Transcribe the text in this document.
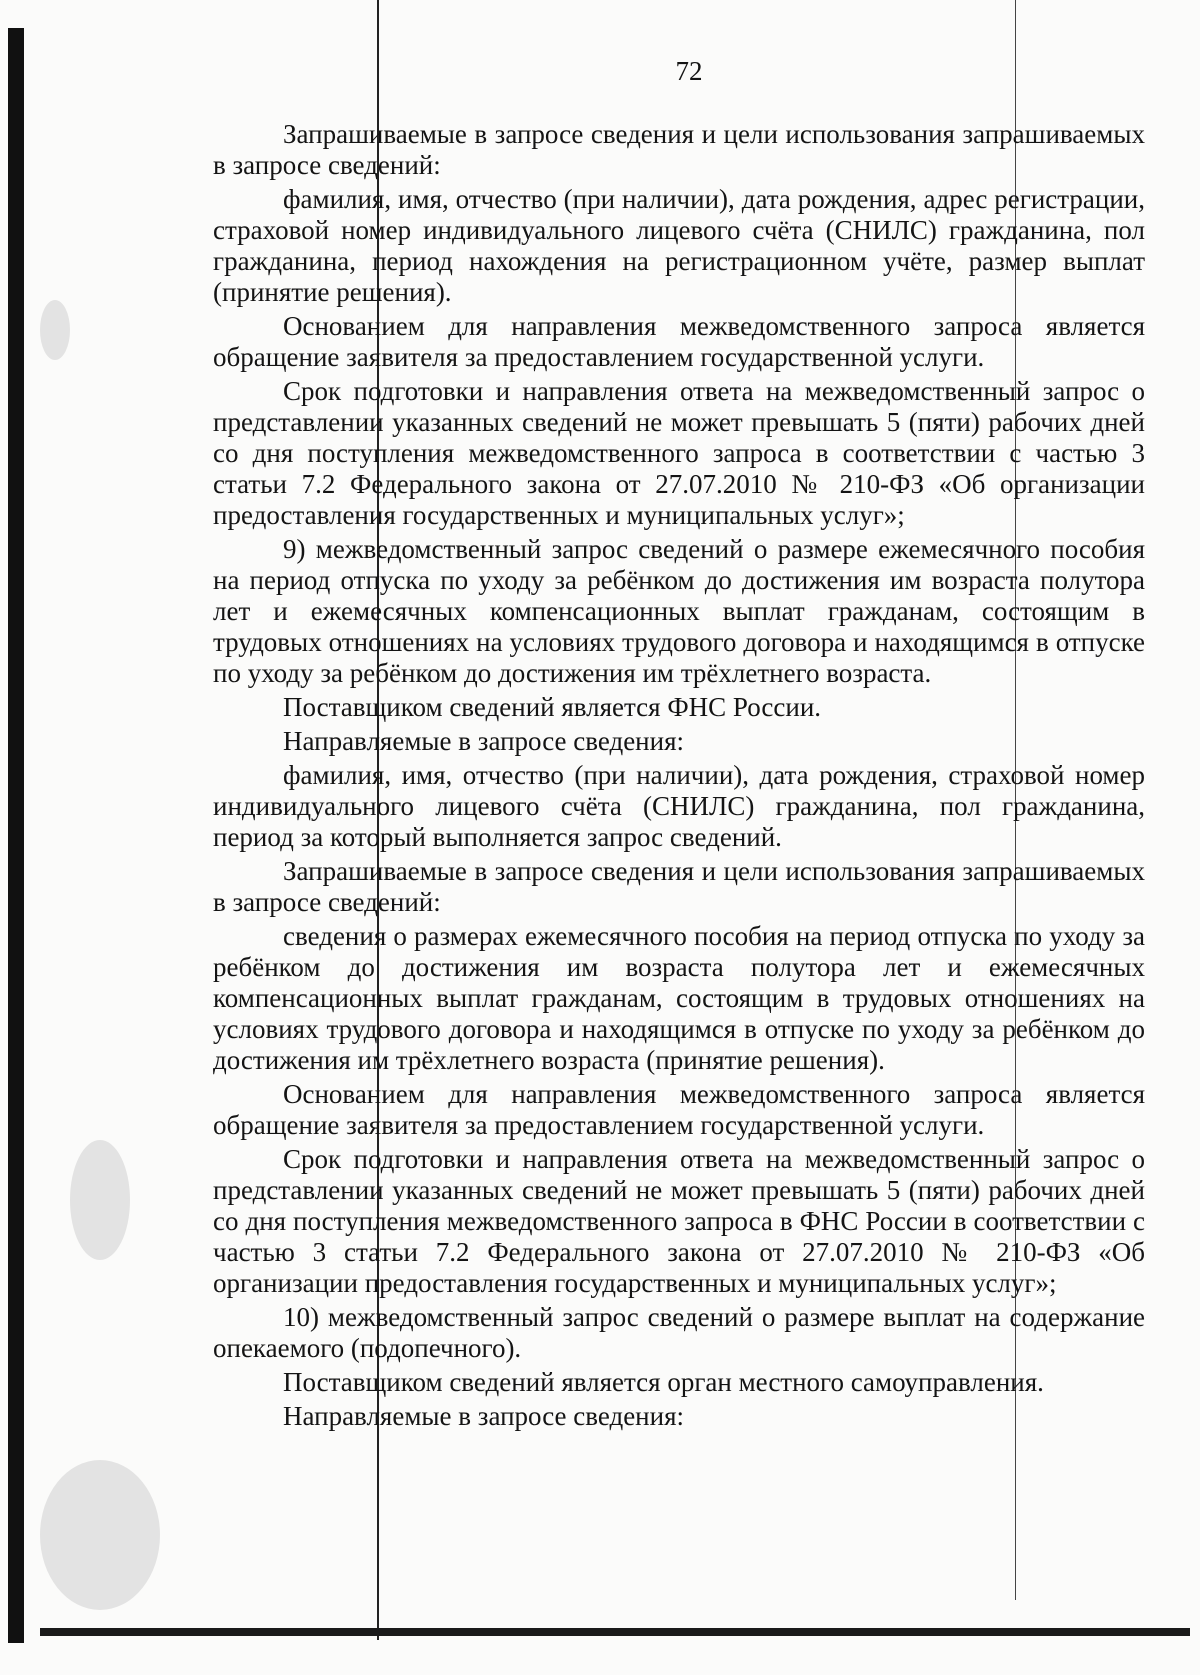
72

Запрашиваемые в запросе сведения и цели использования запрашиваемых в запросе сведений:

фамилия, имя, отчество (при наличии), дата рождения, адрес регистрации, страховой номер индивидуального лицевого счёта (СНИЛС) гражданина, пол гражданина, период нахождения на регистрационном учёте, размер выплат (принятие решения).

Основанием для направления межведомственного запроса является обращение заявителя за предоставлением государственной услуги.

Срок подготовки и направления ответа на межведомственный запрос о представлении указанных сведений не может превышать 5 (пяти) рабочих дней со дня поступления межведомственного запроса в соответствии с частью 3 статьи 7.2 Федерального закона от 27.07.2010 № 210-ФЗ «Об организации предоставления государственных и муниципальных услуг»;

9) межведомственный запрос сведений о размере ежемесячного пособия на период отпуска по уходу за ребёнком до достижения им возраста полутора лет и ежемесячных компенсационных выплат гражданам, состоящим в трудовых отношениях на условиях трудового договора и находящимся в отпуске по уходу за ребёнком до достижения им трёхлетнего возраста.

Поставщиком сведений является ФНС России.

Направляемые в запросе сведения:

фамилия, имя, отчество (при наличии), дата рождения, страховой номер индивидуального лицевого счёта (СНИЛС) гражданина, пол гражданина, период за который выполняется запрос сведений.

Запрашиваемые в запросе сведения и цели использования запрашиваемых в запросе сведений:

сведения о размерах ежемесячного пособия на период отпуска по уходу за ребёнком до достижения им возраста полутора лет и ежемесячных компенсационных выплат гражданам, состоящим в трудовых отношениях на условиях трудового договора и находящимся в отпуске по уходу за ребёнком до достижения им трёхлетнего возраста (принятие решения).

Основанием для направления межведомственного запроса является обращение заявителя за предоставлением государственной услуги.

Срок подготовки и направления ответа на межведомственный запрос о представлении указанных сведений не может превышать 5 (пяти) рабочих дней со дня поступления межведомственного запроса в ФНС России в соответствии с частью 3 статьи 7.2 Федерального закона от 27.07.2010 № 210-ФЗ «Об организации предоставления государственных и муниципальных услуг»;

10) межведомственный запрос сведений о размере выплат на содержание опекаемого (подопечного).

Поставщиком сведений является орган местного самоуправления.

Направляемые в запросе сведения:
